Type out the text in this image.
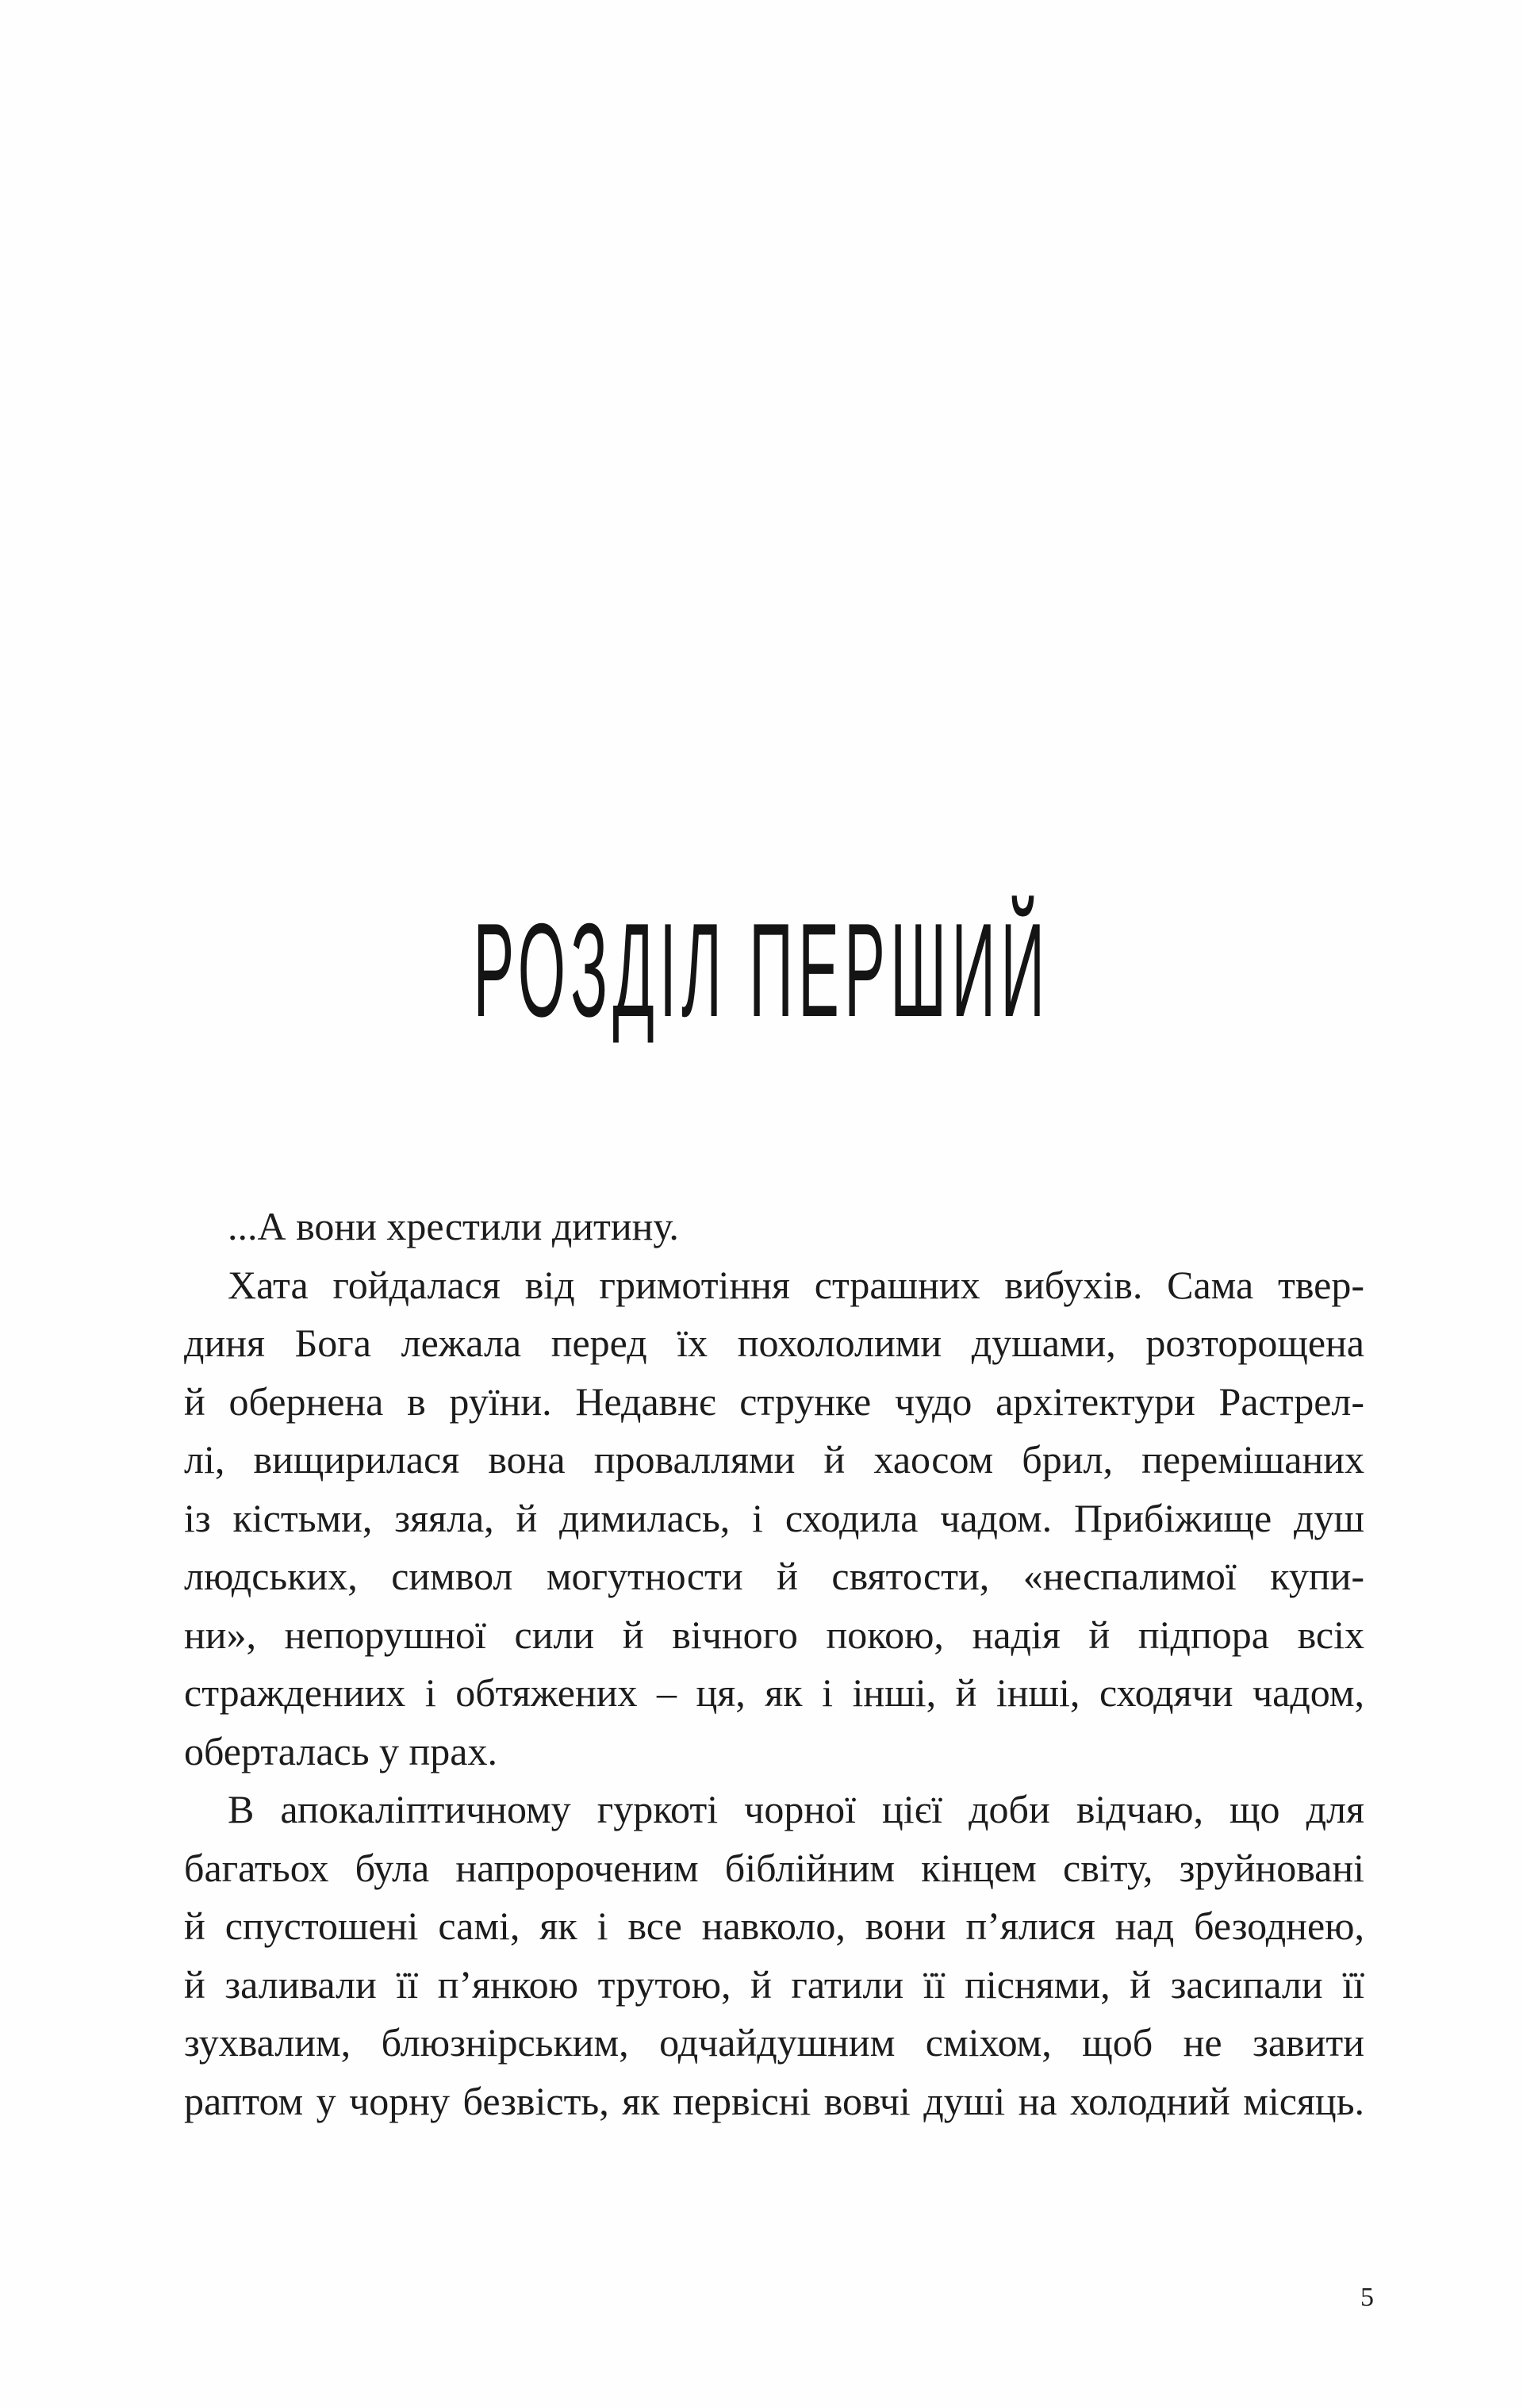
РОЗДІЛ ПЕРШИЙ
...А вони хрестили дитину.
Хата гойдалася від гримотіння страшних вибухів. Сама твер-
диня Бога лежала перед їх похололими душами, розторощена
й обернена в руїни. Недавнє струнке чудо архітектури Растрел-
лі, вищирилася вона проваллями й хаосом брил, перемішаних
із кістьми, зяяла, й димилась, і сходила чадом. Прибіжище душ
людських, символ могутности й святости, «неспалимої купи-
ни», непорушної сили й вічного покою, надія й підпора всіх
страждениих і обтяжених – ця, як і інші, й інші, сходячи чадом,
оберталась у прах.
В апокаліптичному гуркоті чорної цієї доби відчаю, що для
багатьох була напророченим біблійним кінцем світу, зруйновані
й спустошені самі, як і все навколо, вони п’ялися над безоднею,
й заливали її п’янкою трутою, й гатили її піснями, й засипали її
зухвалим, блюзнірським, одчайдушним сміхом, щоб не завити
раптом у чорну безвість, як первісні вовчі душі на холодний місяць.
5
